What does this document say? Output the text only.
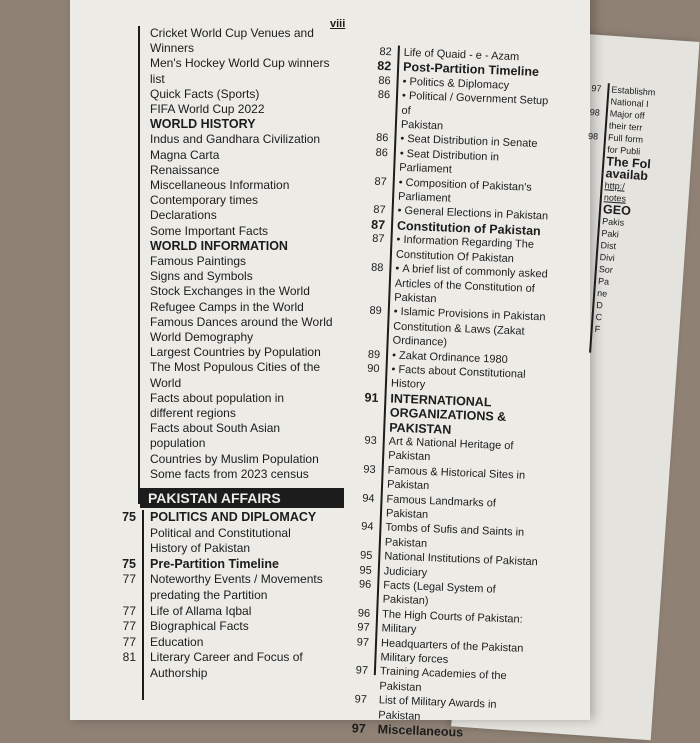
viii
Cricket World Cup Venues and
Winners
Men's Hockey World Cup winners
list
Quick Facts (Sports)
FIFA World Cup 2022
WORLD HISTORY
Indus and Gandhara Civilization
Magna Carta
Renaissance
Miscellaneous Information
Contemporary times
Declarations
Some Important Facts
WORLD INFORMATION
Famous Paintings
Signs and Symbols
Stock Exchanges in the World
Refugee Camps in the World
Famous Dances around the World
World Demography
Largest Countries by Population
The Most Populous Cities of the
World
Facts about population in
different regions
Facts about South Asian
population
Countries by Muslim Population
Some facts from 2023 census
PAKISTAN AFFAIRS
75 POLITICS AND DIPLOMACY
Political and Constitutional
History of Pakistan
75 Pre-Partition Timeline
77 Noteworthy Events / Movements
predating the Partition
77 Life of Allama Iqbal
77 Biographical Facts
77 Education
81 Literary Career and Focus of
Authorship
82 Life of Quaid - e - Azam
82 Post-Partition Timeline
86 • Politics & Diplomacy
86 • Political / Government Setup of
Pakistan
86 • Seat Distribution in Senate
86 • Seat Distribution in Parliament
87 • Composition of Pakistan's
Parliament
87 • General Elections in Pakistan
87 Constitution of Pakistan
87 • Information Regarding The
Constitution Of Pakistan
88 • A brief list of commonly asked
Articles of the Constitution of
Pakistan
89 • Islamic Provisions in Pakistan
Constitution & Laws (Zakat
Ordinance)
89 • Zakat Ordinance 1980
90 • Facts about Constitutional
History
91 INTERNATIONAL
ORGANIZATIONS & PAKISTAN
93 Art & National Heritage of
Pakistan
93 Famous & Historical Sites in
Pakistan
94 Famous Landmarks of Pakistan
94 Tombs of Sufis and Saints in
Pakistan
95 National Institutions of Pakistan
95 Judiciary
96 Facts (Legal System of Pakistan)
96 The High Courts of Pakistan:
97 Military
97 Headquarters of the Pakistan
Military forces
97 Training Academies of the
Pakistan
97 List of Military Awards in Pakistan
97 Miscellaneous
97 Establishm
National I
98 Major off
their terr
98 Full form
for Publi
The Fol
availab
http:/
notes
GEO
Pakis
Paki
Dist
Divi
Sor
Pa
ne
D
C
F
